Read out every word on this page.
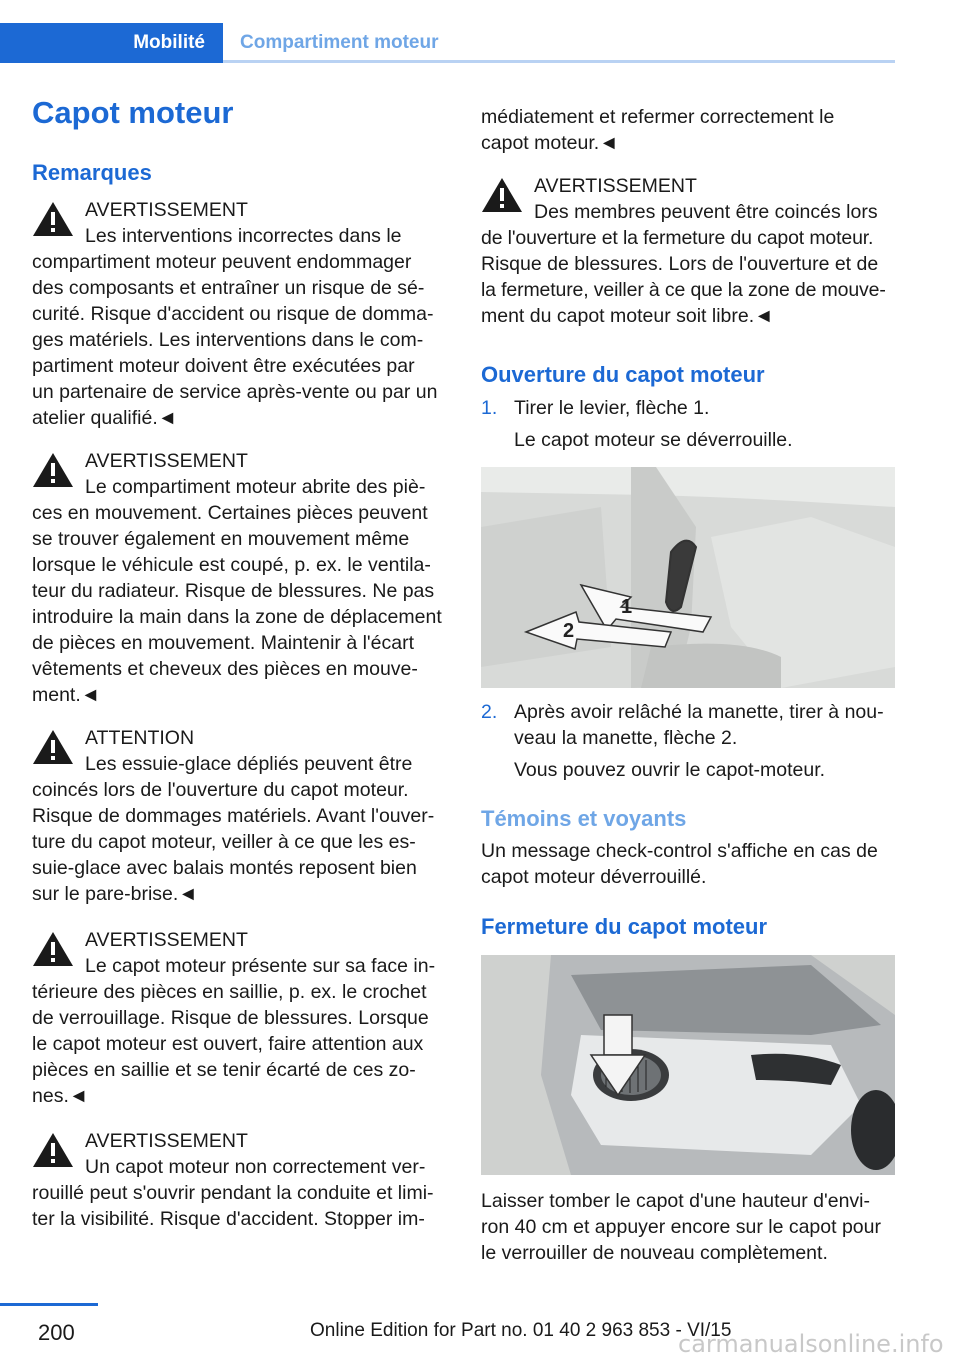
Mobilité	Compartiment moteur
Capot moteur
Remarques
AVERTISSEMENT
Les interventions incorrectes dans le
compartiment moteur peuvent endommager
des composants et entraîner un risque de sé-
curité. Risque d'accident ou risque de domma-
ges matériels. Les interventions dans le com-
partiment moteur doivent être exécutées par
un partenaire de service après-vente ou par un
atelier qualifié.◄
AVERTISSEMENT
Le compartiment moteur abrite des piè-
ces en mouvement. Certaines pièces peuvent
se trouver également en mouvement même
lorsque le véhicule est coupé, p. ex. le ventila-
teur du radiateur. Risque de blessures. Ne pas
introduire la main dans la zone de déplacement
de pièces en mouvement. Maintenir à l'écart
vêtements et cheveux des pièces en mouve-
ment.◄
ATTENTION
Les essuie-glace dépliés peuvent être
coincés lors de l'ouverture du capot moteur.
Risque de dommages matériels. Avant l'ouver-
ture du capot moteur, veiller à ce que les es-
suie-glace avec balais montés reposent bien
sur le pare-brise.◄
AVERTISSEMENT
Le capot moteur présente sur sa face in-
térieure des pièces en saillie, p. ex. le crochet
de verrouillage. Risque de blessures. Lorsque
le capot moteur est ouvert, faire attention aux
pièces en saillie et se tenir écarté de ces zo-
nes.◄
AVERTISSEMENT
Un capot moteur non correctement ver-
rouillé peut s'ouvrir pendant la conduite et limi-
ter la visibilité. Risque d'accident. Stopper im-
médiatement et refermer correctement le
capot moteur.◄
AVERTISSEMENT
Des membres peuvent être coincés lors
de l'ouverture et la fermeture du capot moteur.
Risque de blessures. Lors de l'ouverture et de
la fermeture, veiller à ce que la zone de mouve-
ment du capot moteur soit libre.◄
Ouverture du capot moteur
1. Tirer le levier, flèche 1.
Le capot moteur se déverrouille.
1
2
2. Après avoir relâché la manette, tirer à nou-
veau la manette, flèche 2.
Vous pouvez ouvrir le capot-moteur.
Témoins et voyants
Un message check-control s'affiche en cas de
capot moteur déverrouillé.
Fermeture du capot moteur
Laisser tomber le capot d'une hauteur d'envi-
ron 40 cm et appuyer encore sur le capot pour
le verrouiller de nouveau complètement.
200	Online Edition for Part no. 01 40 2 963 853 - VI/15
carmanualsonline.info
